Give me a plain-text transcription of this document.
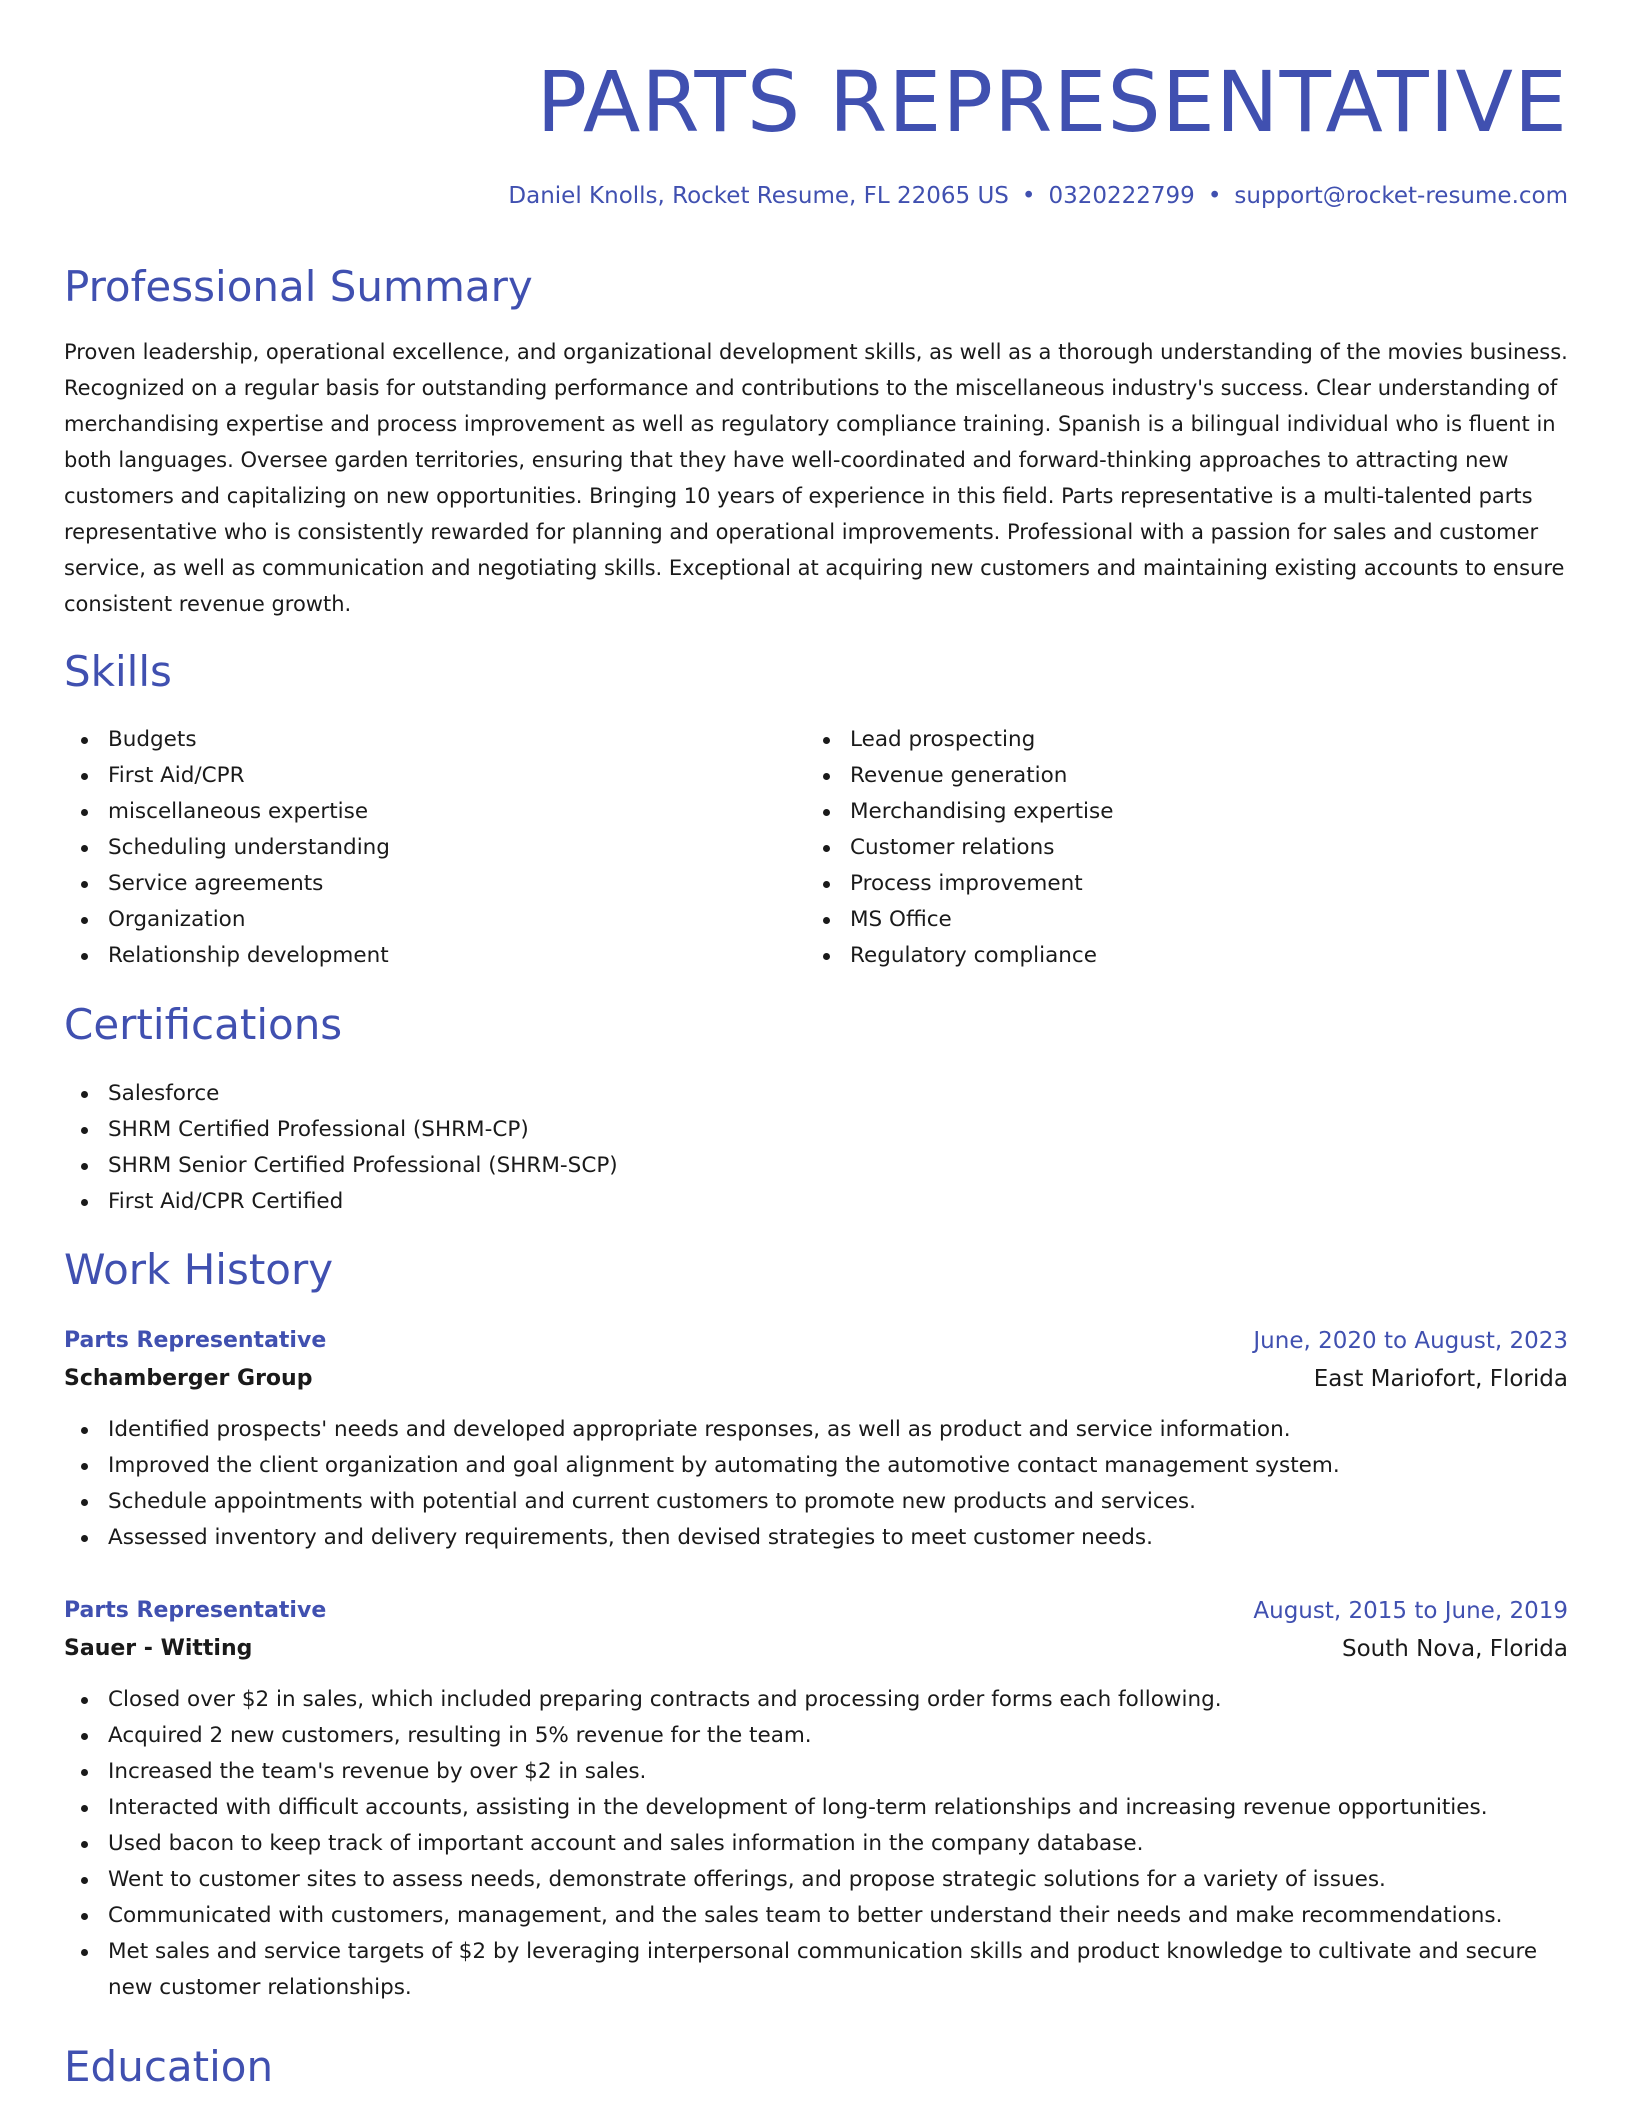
PARTS REPRESENTATIVE
Daniel Knolls, Rocket Resume, FL 22065 US • 0320222799 • support@rocket-resume.com
Professional Summary

Proven leadership, operational excellence, and organizational development skills, as well as a thorough understanding of the movies business. Recognized on a regular basis for outstanding performance and contributions to the miscellaneous industry's success. Clear understanding of merchandising expertise and process improvement as well as regulatory compliance training. Spanish is a bilingual individual who is fluent in both languages. Oversee garden territories, ensuring that they have well-coordinated and forward-thinking approaches to attracting new customers and capitalizing on new opportunities. Bringing 10 years of experience in this field. Parts representative is a multi-talented parts representative who is consistently rewarded for planning and operational improvements. Professional with a passion for sales and customer service, as well as communication and negotiating skills. Exceptional at acquiring new customers and maintaining existing accounts to ensure consistent revenue growth.

Skills
Budgets
First Aid/CPR
miscellaneous expertise
Scheduling understanding
Service agreements
Organization
Relationship development
Lead prospecting
Revenue generation
Merchandising expertise
Customer relations
Process improvement
MS Office
Regulatory compliance
Certifications
Salesforce
SHRM Certified Professional (SHRM-CP)
SHRM Senior Certified Professional (SHRM-SCP)
First Aid/CPR Certified
Work History
Parts Representative	June, 2020 to August, 2023
Schamberger Group	East Mariofort, Florida
Identified prospects' needs and developed appropriate responses, as well as product and service information.
Improved the client organization and goal alignment by automating the automotive contact management system.
Schedule appointments with potential and current customers to promote new products and services.
Assessed inventory and delivery requirements, then devised strategies to meet customer needs.
Parts Representative	August, 2015 to June, 2019
Sauer - Witting	South Nova, Florida
Closed over $2 in sales, which included preparing contracts and processing order forms each following.
Acquired 2 new customers, resulting in 5% revenue for the team.
Increased the team's revenue by over $2 in sales.
Interacted with difficult accounts, assisting in the development of long-term relationships and increasing revenue opportunities.
Used bacon to keep track of important account and sales information in the company database.
Went to customer sites to assess needs, demonstrate offerings, and propose strategic solutions for a variety of issues.
Communicated with customers, management, and the sales team to better understand their needs and make recommendations.
Met sales and service targets of $2 by leveraging interpersonal communication skills and product knowledge to cultivate and secure new customer relationships.
Education
